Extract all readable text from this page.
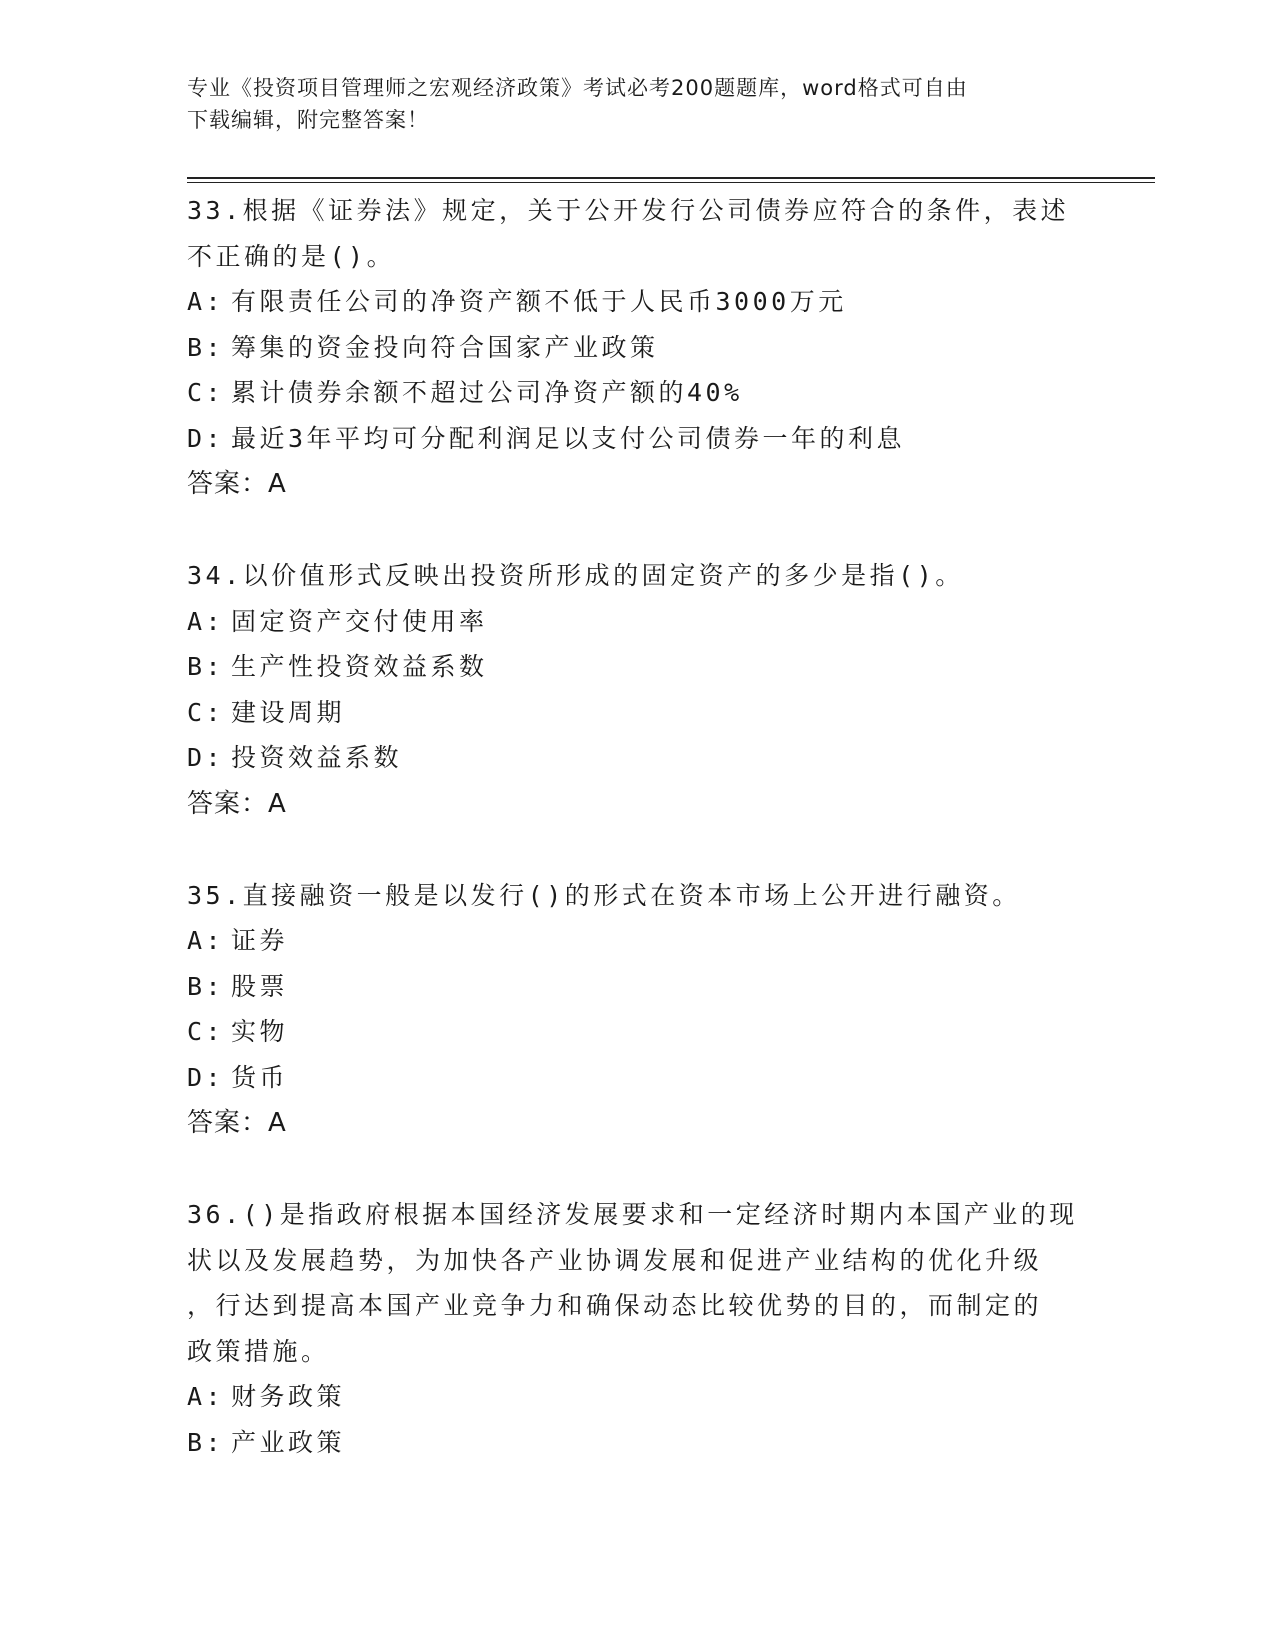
专业《投资项目管理师之宏观经济政策》考试必考200题题库，word格式可自由
下载编辑，附完整答案！

33.根据《证券法》规定，关于公开发行公司债券应符合的条件，表述

不正确的是()。

A: 有限责任公司的净资产额不低于人民币3000万元

B: 筹集的资金投向符合国家产业政策

C: 累计债券余额不超过公司净资产额的40%

D: 最近3年平均可分配利润足以支付公司债券一年的利息

答案：A

34.以价值形式反映出投资所形成的固定资产的多少是指()。

A: 固定资产交付使用率

B: 生产性投资效益系数

C: 建设周期

D: 投资效益系数

答案：A

35.直接融资一般是以发行()的形式在资本市场上公开进行融资。

A: 证券

B: 股票

C: 实物

D: 货币

答案：A

36.()是指政府根据本国经济发展要求和一定经济时期内本国产业的现

状以及发展趋势，为加快各产业协调发展和促进产业结构的优化升级

，行达到提高本国产业竞争力和确保动态比较优势的目的，而制定的

政策措施。

A: 财务政策

B: 产业政策
